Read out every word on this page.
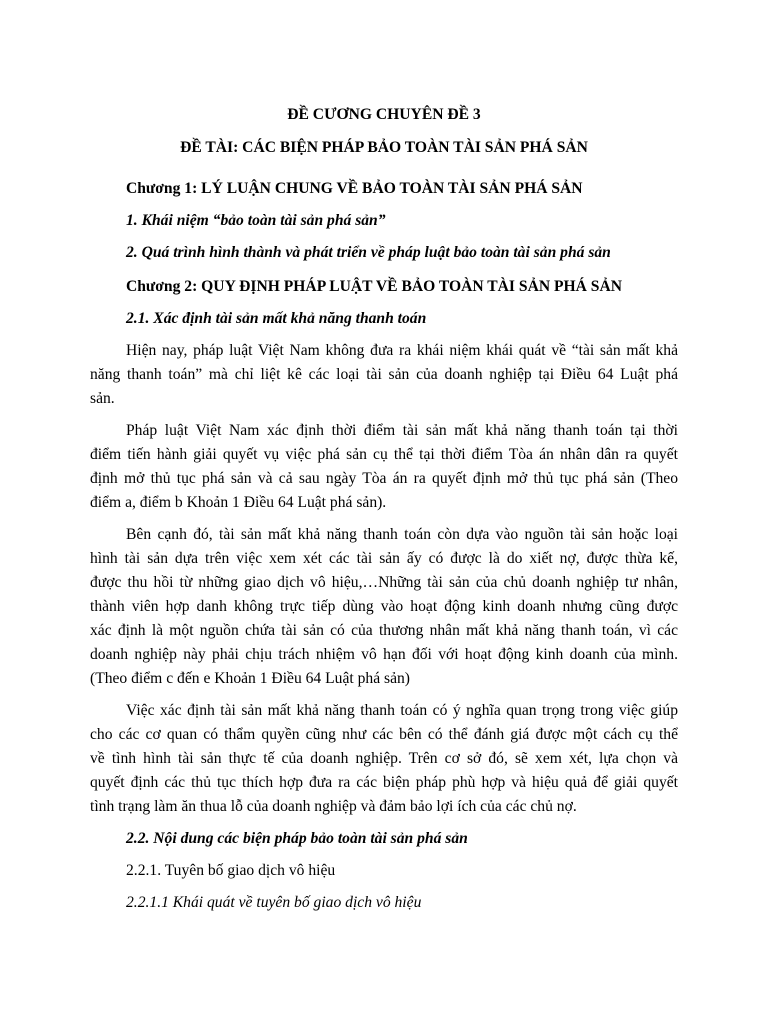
ĐỀ CƯƠNG CHUYÊN ĐỀ 3
ĐỀ TÀI: CÁC BIỆN PHÁP BẢO TOÀN TÀI SẢN PHÁ SẢN
Chương 1: LÝ LUẬN CHUNG VỀ BẢO TOÀN TÀI SẢN PHÁ SẢN
1. Khái niệm “bảo toàn tài sản phá sản”
2. Quá trình hình thành và phát triển về pháp luật bảo toàn tài sản phá sản
Chương 2: QUY ĐỊNH PHÁP LUẬT VỀ BẢO TOÀN TÀI SẢN PHÁ SẢN
2.1. Xác định tài sản mất khả năng thanh toán
Hiện nay, pháp luật Việt Nam không đưa ra khái niệm khái quát về “tài sản mất khả
năng thanh toán” mà chỉ liệt kê các loại tài sản của doanh nghiệp tại Điều 64 Luật phá
sản.
Pháp luật Việt Nam xác định thời điểm tài sản mất khả năng thanh toán tại thời
điểm tiến hành giải quyết vụ việc phá sản cụ thể tại thời điểm Tòa án nhân dân ra quyết
định mở thủ tục phá sản và cả sau ngày Tòa án ra quyết định mở thủ tục phá sản (Theo
điểm a, điểm b Khoản 1 Điều 64 Luật phá sản).
Bên cạnh đó, tài sản mất khả năng thanh toán còn dựa vào nguồn tài sản hoặc loại
hình tài sản dựa trên việc xem xét các tài sản ấy có được là do xiết nợ, được thừa kế,
được thu hồi từ những giao dịch vô hiệu,…Những tài sản của chủ doanh nghiệp tư nhân,
thành viên hợp danh không trực tiếp dùng vào hoạt động kinh doanh nhưng cũng được
xác định là một nguồn chứa tài sản có của thương nhân mất khả năng thanh toán, vì các
doanh nghiệp này phải chịu trách nhiệm vô hạn đối với hoạt động kinh doanh của mình.
(Theo điểm c đến e Khoản 1 Điều 64 Luật phá sản)
Việc xác định tài sản mất khả năng thanh toán có ý nghĩa quan trọng trong việc giúp
cho các cơ quan có thẩm quyền cũng như các bên có thể đánh giá được một cách cụ thể
về tình hình tài sản thực tế của doanh nghiệp. Trên cơ sở đó, sẽ xem xét, lựa chọn và
quyết định các thủ tục thích hợp đưa ra các biện pháp phù hợp và hiệu quả để giải quyết
tình trạng làm ăn thua lỗ của doanh nghiệp và đảm bảo lợi ích của các chủ nợ.
2.2. Nội dung các biện pháp bảo toàn tài sản phá sản
2.2.1. Tuyên bố giao dịch vô hiệu
2.2.1.1 Khái quát về tuyên bố giao dịch vô hiệu
